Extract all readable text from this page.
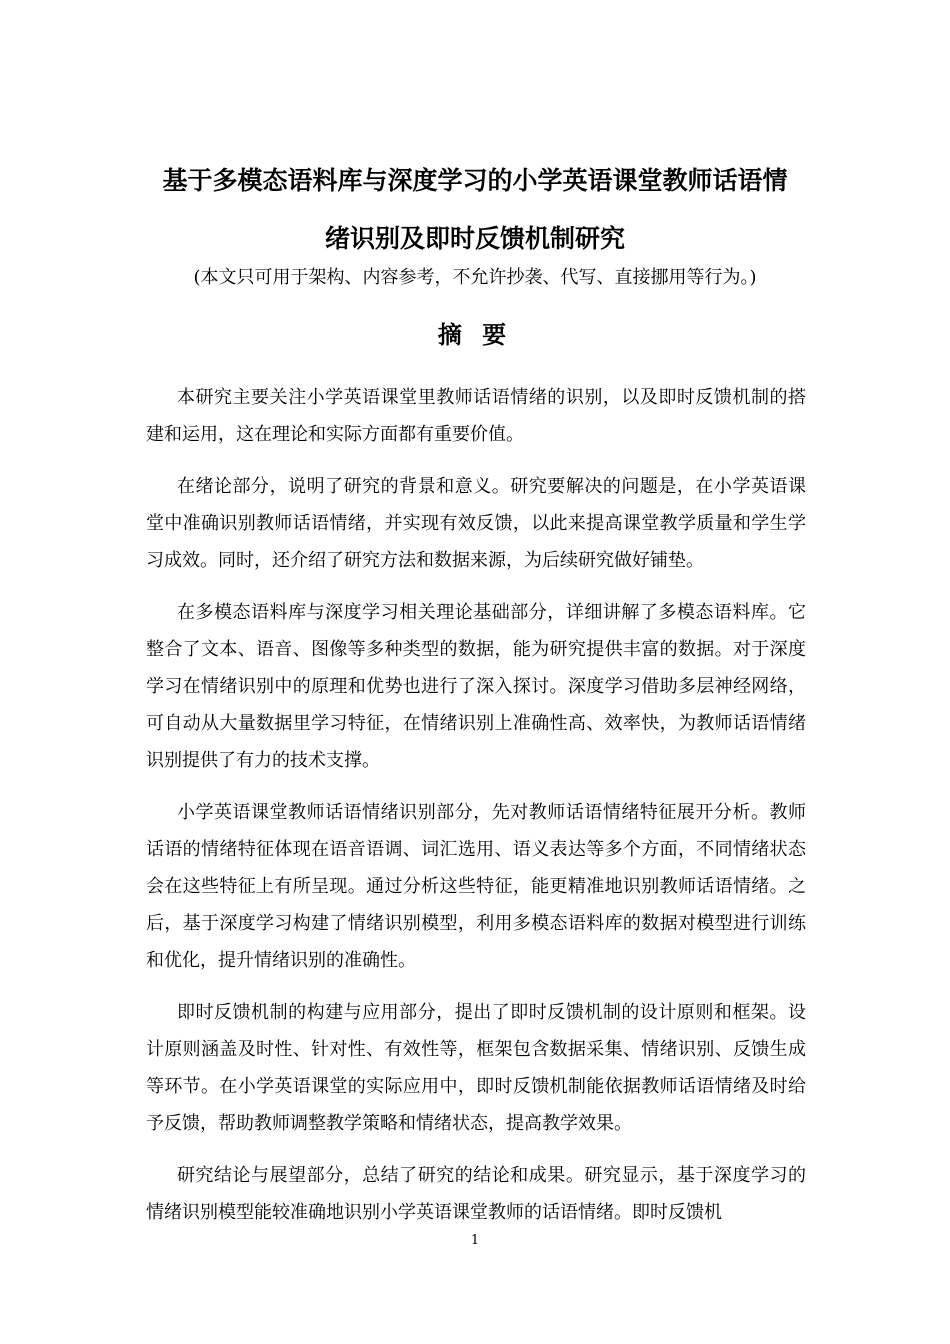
基于多模态语料库与深度学习的小学英语课堂教师话语情
绪识别及即时反馈机制研究
(本文只可用于架构、内容参考，不允许抄袭、代写、直接挪用等行为。)
摘 要

本研究主要关注小学英语课堂里教师话语情绪的识别，以及即时反馈机制的搭建和运用，这在理论和实际方面都有重要价值。

在绪论部分，说明了研究的背景和意义。研究要解决的问题是，在小学英语课堂中准确识别教师话语情绪，并实现有效反馈，以此来提高课堂教学质量和学生学习成效。同时，还介绍了研究方法和数据来源，为后续研究做好铺垫。

在多模态语料库与深度学习相关理论基础部分，详细讲解了多模态语料库。它整合了文本、语音、图像等多种类型的数据，能为研究提供丰富的数据。对于深度学习在情绪识别中的原理和优势也进行了深入探讨。深度学习借助多层神经网络，可自动从大量数据里学习特征，在情绪识别上准确性高、效率快，为教师话语情绪识别提供了有力的技术支撑。

小学英语课堂教师话语情绪识别部分，先对教师话语情绪特征展开分析。教师话语的情绪特征体现在语音语调、词汇选用、语义表达等多个方面，不同情绪状态会在这些特征上有所呈现。通过分析这些特征，能更精准地识别教师话语情绪。之后，基于深度学习构建了情绪识别模型，利用多模态语料库的数据对模型进行训练和优化，提升情绪识别的准确性。

即时反馈机制的构建与应用部分，提出了即时反馈机制的设计原则和框架。设计原则涵盖及时性、针对性、有效性等，框架包含数据采集、情绪识别、反馈生成等环节。在小学英语课堂的实际应用中，即时反馈机制能依据教师话语情绪及时给予反馈，帮助教师调整教学策略和情绪状态，提高教学效果。

研究结论与展望部分，总结了研究的结论和成果。研究显示，基于深度学习的情绪识别模型能较准确地识别小学英语课堂教师的话语情绪。即时反馈机

1
